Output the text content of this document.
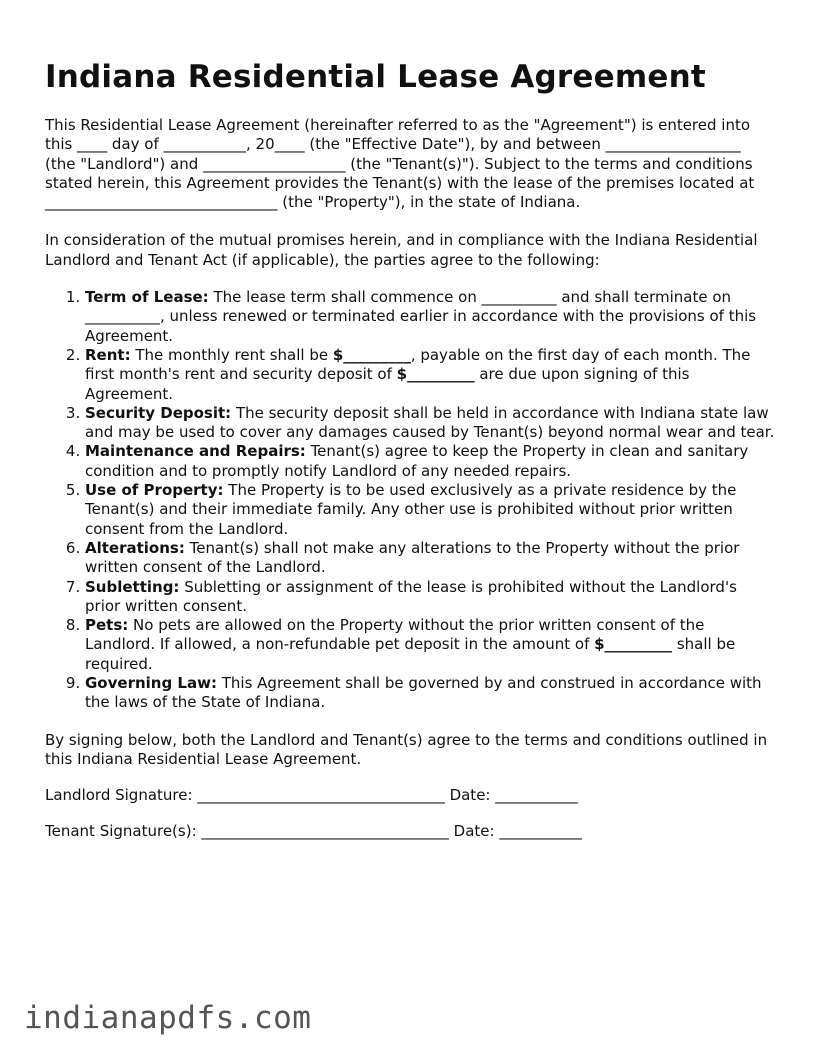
Indiana Residential Lease Agreement

This Residential Lease Agreement (hereinafter referred to as the "Agreement") is entered into this ____ day of ___________, 20____ (the "Effective Date"), by and between __________________ (the "Landlord") and ___________________ (the "Tenant(s)"). Subject to the terms and conditions stated herein, this Agreement provides the Tenant(s) with the lease of the premises located at _______________________________ (the "Property"), in the state of Indiana.

In consideration of the mutual promises herein, and in compliance with the Indiana Residential Landlord and Tenant Act (if applicable), the parties agree to the following:

1. Term of Lease: The lease term shall commence on __________ and shall terminate on __________, unless renewed or terminated earlier in accordance with the provisions of this Agreement.
2. Rent: The monthly rent shall be $_________, payable on the first day of each month. The first month's rent and security deposit of $_________ are due upon signing of this Agreement.
3. Security Deposit: The security deposit shall be held in accordance with Indiana state law and may be used to cover any damages caused by Tenant(s) beyond normal wear and tear.
4. Maintenance and Repairs: Tenant(s) agree to keep the Property in clean and sanitary condition and to promptly notify Landlord of any needed repairs.
5. Use of Property: The Property is to be used exclusively as a private residence by the Tenant(s) and their immediate family. Any other use is prohibited without prior written consent from the Landlord.
6. Alterations: Tenant(s) shall not make any alterations to the Property without the prior written consent of the Landlord.
7. Subletting: Subletting or assignment of the lease is prohibited without the Landlord's prior written consent.
8. Pets: No pets are allowed on the Property without the prior written consent of the Landlord. If allowed, a non-refundable pet deposit in the amount of $_________ shall be required.
9. Governing Law: This Agreement shall be governed by and construed in accordance with the laws of the State of Indiana.

By signing below, both the Landlord and Tenant(s) agree to the terms and conditions outlined in this Indiana Residential Lease Agreement.

Landlord Signature: _________________________________ Date: ___________
Tenant Signature(s): _________________________________ Date: ___________
indianapdfs.com
